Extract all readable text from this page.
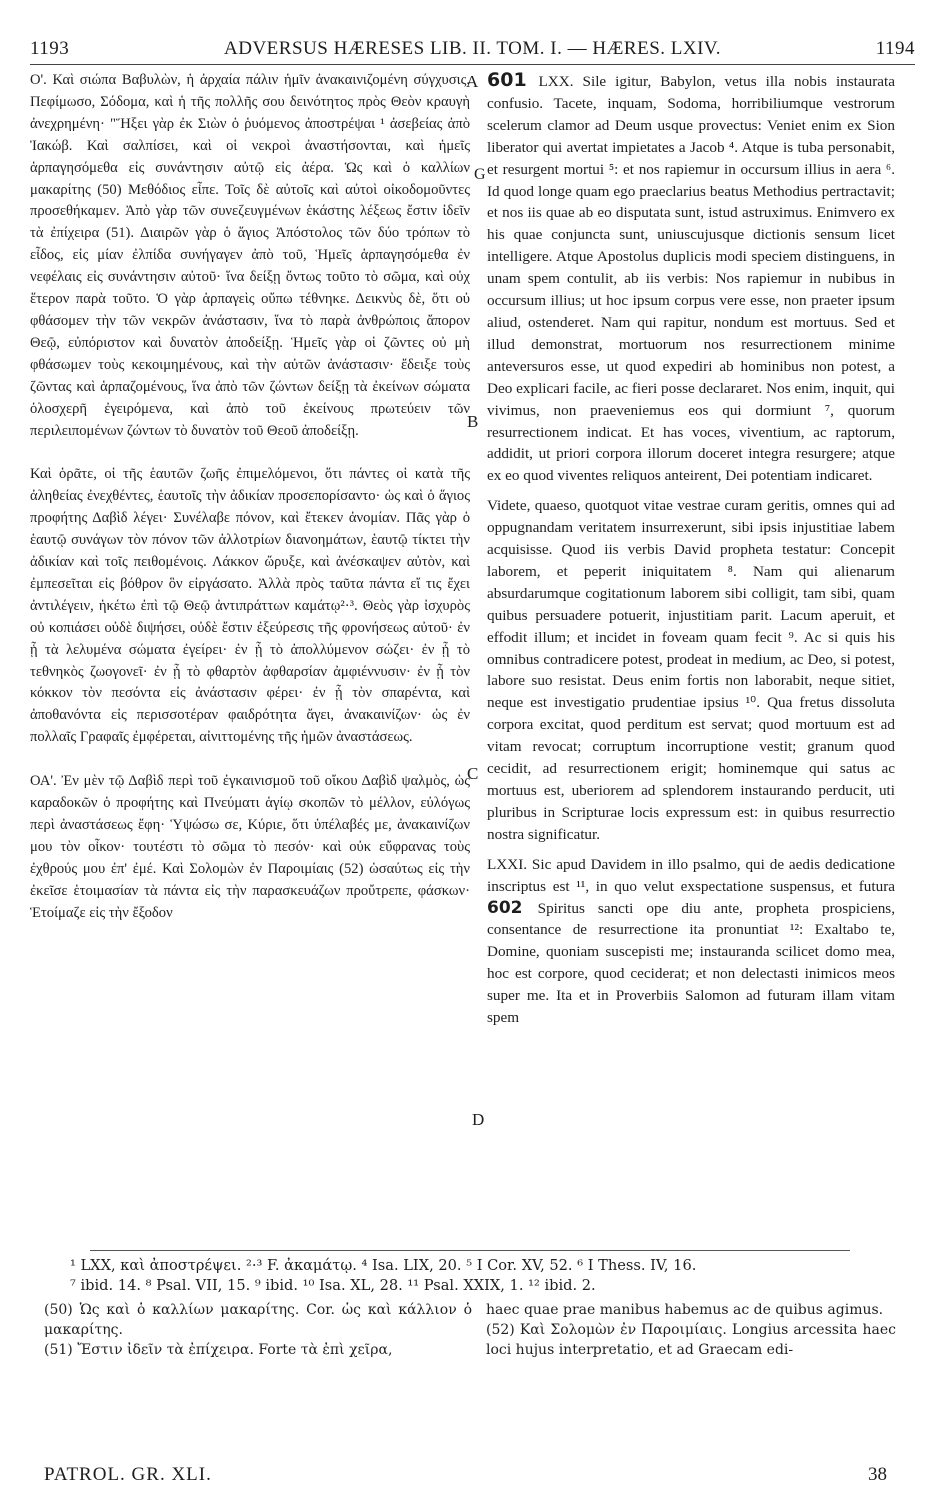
1193	ADVERSUS HÆRESES LIB. II. TOM. I. — HÆRES. LXIV.	1194

Ο'. Καὶ σιώπα Βαβυλὼν, ἡ ἀρχαία πάλιν ἡμῖν ἀνακαινιζομένη σύγχυσις. Πεφίμωσο, Σόδομα, καὶ ἡ τῆς πολλῆς σου δεινότητος πρὸς Θεὸν κραυγὴ ἀνεχρημένη· "Ἥξει γὰρ ἐκ Σιὼν ὁ ῥυόμενος ἀποστρέψαι ¹ ἀσεβείας ἀπὸ Ἰακώβ. Καὶ σαλπίσει, καὶ οἱ νεκροὶ ἀναστήσονται, καὶ ἡμεῖς ἁρπαγησόμεθα εἰς συνάντησιν αὐτῷ εἰς ἀέρα. Ὡς καὶ ὁ καλλίων μακαρίτης (50) Μεθόδιος εἶπε. Τοῖς δὲ αὐτοῖς καὶ αὐτοὶ οἰκοδομοῦντες προσεθήκαμεν. Ἀπὸ γὰρ τῶν συνεζευγμένων ἑκάστης λέξεως ἔστιν ἰδεῖν τὰ ἐπίχειρα (51). Διαιρῶν γὰρ ὁ ἅγιος Ἀπόστολος τῶν δύο τρόπων τὸ εἶδος, εἰς μίαν ἐλπίδα συνήγαγεν ἀπὸ τοῦ, Ἡμεῖς ἁρπαγησόμεθα ἐν νεφέλαις εἰς συνάντησιν αὐτοῦ· ἵνα δείξῃ ὄντως τοῦτο τὸ σῶμα, καὶ οὐχ ἕτερον παρὰ τοῦτο. Ὁ γὰρ ἁρπαγεὶς οὔπω τέθνηκε. Δεικνὺς δὲ, ὅτι οὐ φθάσομεν τὴν τῶν νεκρῶν ἀνάστασιν, ἵνα τὸ παρὰ ἀνθρώποις ἄπορον Θεῷ, εὐπόριστον καὶ δυνατὸν ἀποδείξῃ. Ἡμεῖς γὰρ οἱ ζῶντες οὐ μὴ φθάσωμεν τοὺς κεκοιμημένους, καὶ τὴν αὐτῶν ἀνάστασιν· ἔδειξε τοὺς ζῶντας καὶ ἁρπαζομένους, ἵνα ἀπὸ τῶν ζώντων δείξῃ τὰ ἐκείνων σώματα ὁλοσχερῆ ἐγειρόμενα, καὶ ἀπὸ τοῦ ἐκείνους πρωτεύειν τῶν περιλειπομένων ζώντων τὸ δυνατὸν τοῦ Θεοῦ ἀποδείξῃ.

Καὶ ὁρᾶτε, οἱ τῆς ἑαυτῶν ζωῆς ἐπιμελόμενοι, ὅτι πάντες οἱ κατὰ τῆς ἀληθείας ἐνεχθέντες, ἑαυτοῖς τὴν ἀδικίαν προσεπορίσαντο· ὡς καὶ ὁ ἅγιος προφήτης Δαβὶδ λέγει· Συνέλαβε πόνον, καὶ ἔτεκεν ἀνομίαν. Πᾶς γὰρ ὁ ἑαυτῷ συνάγων τὸν πόνον τῶν ἀλλοτρίων διανοημάτων, ἑαυτῷ τίκτει τὴν ἀδικίαν καὶ τοῖς πειθομένοις. Λάκκον ὤρυξε, καὶ ἀνέσκαψεν αὐτὸν, καὶ ἐμπεσεῖται εἰς βόθρον ὃν εἰργάσατο. Ἀλλὰ πρὸς ταῦτα πάντα εἴ τις ἔχει ἀντιλέγειν, ἡκέτω ἐπὶ τῷ Θεῷ ἀντιπράττων καμάτῳ²·³. Θεὸς γὰρ ἰσχυρὸς οὐ κοπιάσει οὐδὲ διψήσει, οὐδὲ ἔστιν ἐξεύρεσις τῆς φρονήσεως αὐτοῦ· ἐν ᾗ τὰ λελυμένα σώματα ἐγείρει· ἐν ᾗ τὸ ἀπολλύμενον σώζει· ἐν ᾗ τὸ τεθνηκὸς ζωογονεῖ· ἐν ᾗ τὸ φθαρτὸν ἀφθαρσίαν ἀμφιέννυσιν· ἐν ᾗ τὸν κόκκον τὸν πεσόντα εἰς ἀνάστασιν φέρει· ἐν ᾗ τὸν σπαρέντα, καὶ ἀποθανόντα εἰς περισσοτέραν φαιδρότητα ἄγει, ἀνακαινίζων· ὡς ἐν πολλαῖς Γραφαῖς ἐμφέρεται, αἰνιττομένης τῆς ἡμῶν ἀναστάσεως.

ΟΑ'. Ἐν μὲν τῷ Δαβὶδ περὶ τοῦ ἐγκαινισμοῦ τοῦ οἴκου Δαβὶδ ψαλμὸς, ὡς καραδοκῶν ὁ προφήτης καὶ Πνεύματι ἁγίῳ σκοπῶν τὸ μέλλον, εὐλόγως περὶ ἀναστάσεως ἔφη· Ὑψώσω σε, Κύριε, ὅτι ὑπέλαβές με, ἀνακαινίζων μου τὸν οἶκον· τουτέστι τὸ σῶμα τὸ πεσόν· καὶ οὐκ εὔφρανας τοὺς ἐχθρούς μου ἐπ' ἐμέ. Καὶ Σολομὼν ἐν Παροιμίαις (52) ὡσαύτως εἰς τὴν ἐκεῖσε ἑτοιμασίαν τὰ πάντα εἰς τὴν παρασκευάζων προὔτρεπε, φάσκων· Ἑτοίμαζε εἰς τὴν ἔξοδον

601 LXX. Sile igitur, Babylon, vetus illa nobis instaurata confusio. Tacete, inquam, Sodoma, horribiliumque vestrorum scelerum clamor ad Deum usque provectus: Veniet enim ex Sion liberator qui avertat impietates a Jacob ⁴. Atque is tuba personabit, et resurgent mortui ⁵: et nos rapiemur in occursum illius in aera ⁶. Id quod longe quam ego praeclarius beatus Methodius pertractavit; et nos iis quae ab eo disputata sunt, istud astruximus. Enimvero ex his quae conjuncta sunt, uniuscujusque dictionis sensum licet intelligere. Atque Apostolus duplicis modi speciem distinguens, in unam spem contulit, ab iis verbis: Nos rapiemur in nubibus in occursum illius; ut hoc ipsum corpus vere esse, non praeter ipsum aliud, ostenderet. Nam qui rapitur, nondum est mortuus. Sed et illud demonstrat, mortuorum nos resurrectionem minime anteversuros esse, ut quod expediri ab hominibus non potest, a Deo explicari facile, ac fieri posse declararet. Nos enim, inquit, qui vivimus, non praeveniemus eos qui dormiunt ⁷, quorum resurrectionem indicat. Et has voces, viventium, ac raptorum, addidit, ut priori corpora illorum doceret integra resurgere; atque ex eo quod viventes reliquos anteirent, Dei potentiam indicaret.

Videte, quaeso, quotquot vitae vestrae curam geritis, omnes qui ad oppugnandam veritatem insurrexerunt, sibi ipsis injustitiae labem acquisisse. Quod iis verbis David propheta testatur: Concepit laborem, et peperit iniquitatem ⁸. Nam qui alienarum absurdarumque cogitationum laborem sibi colligit, tam sibi, quam quibus persuadere potuerit, injustitiam parit. Lacum aperuit, et effodit illum; et incidet in foveam quam fecit ⁹. Ac si quis his omnibus contradicere potest, prodeat in medium, ac Deo, si potest, labore suo resistat. Deus enim fortis non laborabit, neque sitiet, neque est investigatio prudentiae ipsius ¹⁰. Qua fretus dissoluta corpora excitat, quod perditum est servat; quod mortuum est ad vitam revocat; corruptum incorruptione vestit; granum quod cecidit, ad resurrectionem erigit; hominemque qui satus ac mortuus est, uberiorem ad splendorem instaurando perducit, uti pluribus in Scripturae locis expressum est: in quibus resurrectio nostra significatur.

LXXI. Sic apud Davidem in illo psalmo, qui de aedis dedicatione inscriptus est ¹¹, in quo velut exspectatione suspensus, et futura 602 Spiritus sancti ope diu ante, propheta prospiciens, consentance de resurrectione ita pronuntiat ¹²: Exaltabo te, Domine, quoniam suscepisti me; instauranda scilicet domo mea, hoc est corpore, quod ceciderat; et non delectasti inimicos meos super me. Ita et in Proverbiis Salomon ad futuram illam vitam spem

A
B
C
D
G
¹ LXX, καὶ ἀποστρέψει. ²·³ F. ἀκαμάτῳ. ⁴ Isa. LIX, 20. ⁵ I Cor. XV, 52. ⁶ I Thess. IV, 16.
⁷ ibid. 14. ⁸ Psal. VII, 15. ⁹ ibid. ¹⁰ Isa. XL, 28. ¹¹ Psal. XXIX, 1. ¹² ibid. 2.
(50) Ὡς καὶ ὁ καλλίων μακαρίτης. Cor. ὡς καὶ κάλλιον ὁ μακαρίτης.
(51) Ἔστιν ἰδεῖν τὰ ἐπίχειρα. Forte τὰ ἐπὶ χεῖρα,
haec quae prae manibus habemus ac de quibus agimus.
(52) Καὶ Σολομὼν ἐν Παροιμίαις. Longius arcessita haec loci hujus interpretatio, et ad Graecam edi-
PATROL. GR. XLI.	38
